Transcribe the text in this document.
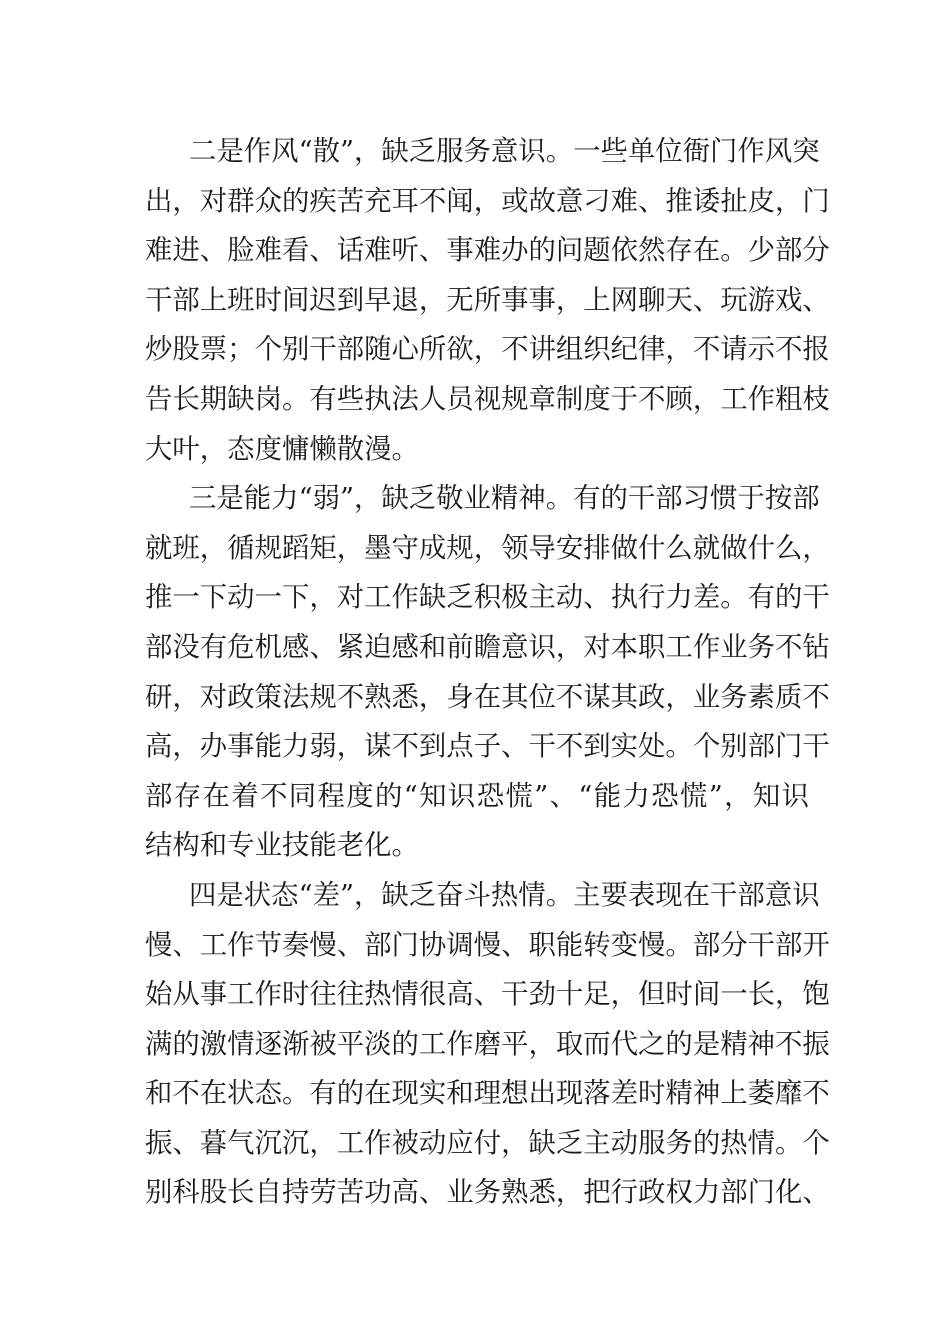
二是作风“散”，缺乏服务意识。一些单位衙门作风突
出，对群众的疾苦充耳不闻，或故意刁难、推诿扯皮，门
难进、脸难看、话难听、事难办的问题依然存在。少部分
干部上班时间迟到早退，无所事事，上网聊天、玩游戏、
炒股票；个别干部随心所欲，不讲组织纪律，不请示不报
告长期缺岗。有些执法人员视规章制度于不顾，工作粗枝
大叶，态度慵懒散漫。
三是能力“弱”，缺乏敬业精神。有的干部习惯于按部
就班，循规蹈矩，墨守成规，领导安排做什么就做什么，
推一下动一下，对工作缺乏积极主动、执行力差。有的干
部没有危机感、紧迫感和前瞻意识，对本职工作业务不钻
研，对政策法规不熟悉，身在其位不谋其政，业务素质不
高，办事能力弱，谋不到点子、干不到实处。个别部门干
部存在着不同程度的“知识恐慌”、“能力恐慌”，知识
结构和专业技能老化。
四是状态“差”，缺乏奋斗热情。主要表现在干部意识
慢、工作节奏慢、部门协调慢、职能转变慢。部分干部开
始从事工作时往往热情很高、干劲十足，但时间一长，饱
满的激情逐渐被平淡的工作磨平，取而代之的是精神不振
和不在状态。有的在现实和理想出现落差时精神上萎靡不
振、暮气沉沉，工作被动应付，缺乏主动服务的热情。个
别科股长自持劳苦功高、业务熟悉，把行政权力部门化、
